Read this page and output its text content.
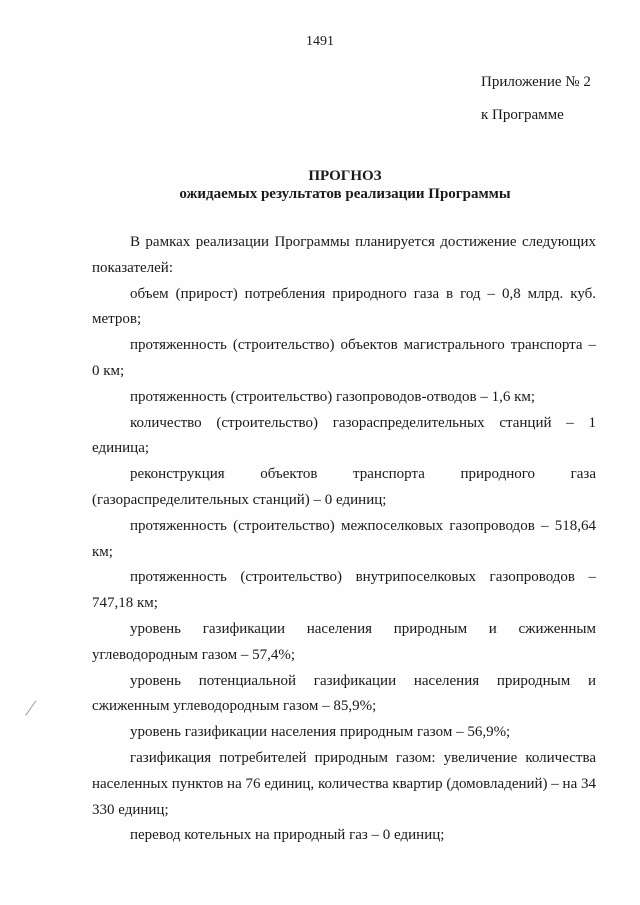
1491
Приложение № 2
к Программе
ПРОГНОЗ
ожидаемых результатов реализации Программы

В рамках реализации Программы планируется достижение следующих показателей:

объем (прирост) потребления природного газа в год – 0,8 млрд. куб. метров;

протяженность (строительство) объектов магистрального транспорта – 0 км;

протяженность (строительство) газопроводов-отводов – 1,6 км;

количество (строительство) газораспределительных станций – 1 единица;

реконструкция объектов транспорта природного газа (газораспределительных станций) – 0 единиц;

протяженность (строительство) межпоселковых газопроводов – 518,64 км;

протяженность (строительство) внутрипоселковых газопроводов – 747,18 км;

уровень газификации населения природным и сжиженным углеводородным газом – 57,4%;

уровень потенциальной газификации населения природным и сжиженным углеводородным газом – 85,9%;

уровень газификации населения природным газом – 56,9%;

газификация потребителей природным газом: увеличение количества населенных пунктов на 76 единиц, количества квартир (домовладений) – на 34 330 единиц;

перевод котельных на природный газ – 0 единиц;
